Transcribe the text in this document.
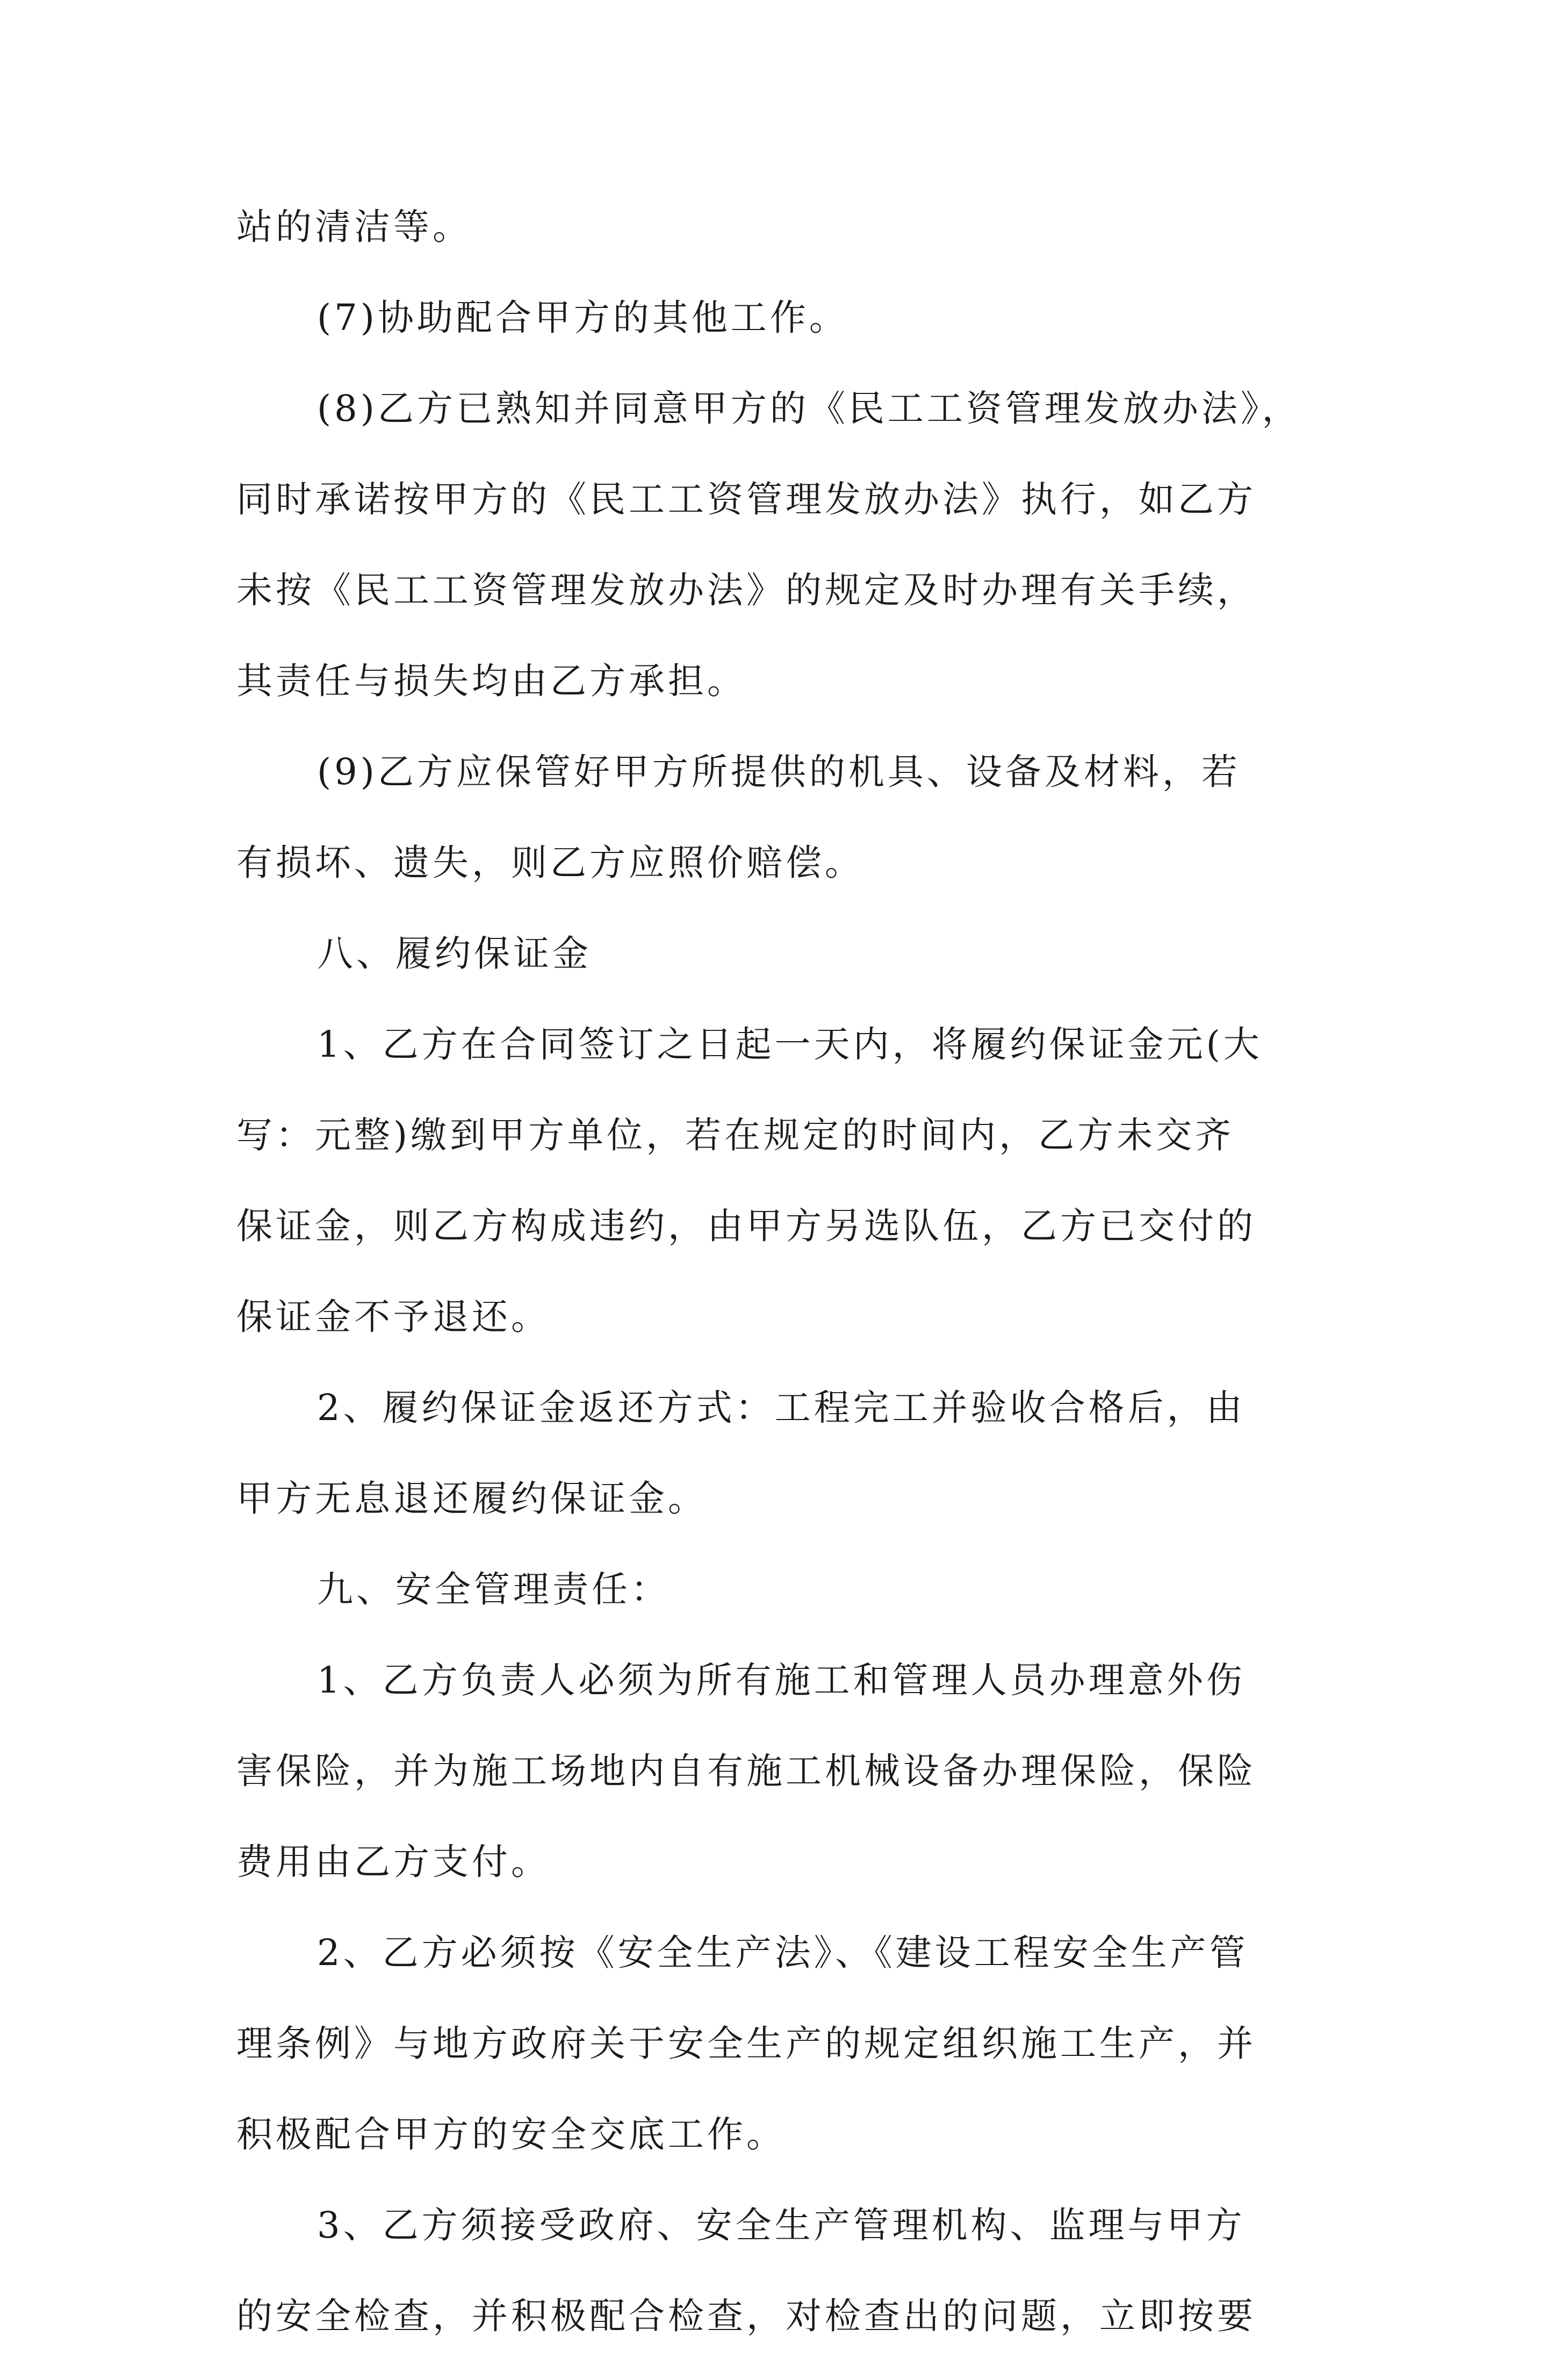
站的清洁等。
(7)协助配合甲方的其他工作。
(8)乙方已熟知并同意甲方的《民工工资管理发放办法》，
同时承诺按甲方的《民工工资管理发放办法》执行，如乙方
未按《民工工资管理发放办法》的规定及时办理有关手续，
其责任与损失均由乙方承担。
(9)乙方应保管好甲方所提供的机具、设备及材料，若
有损坏、遗失，则乙方应照价赔偿。
八、履约保证金
1、乙方在合同签订之日起一天内，将履约保证金元(大
写：元整)缴到甲方单位，若在规定的时间内，乙方未交齐
保证金，则乙方构成违约，由甲方另选队伍，乙方已交付的
保证金不予退还。
2、履约保证金返还方式：工程完工并验收合格后，由
甲方无息退还履约保证金。
九、安全管理责任：
1、乙方负责人必须为所有施工和管理人员办理意外伤
害保险，并为施工场地内自有施工机械设备办理保险，保险
费用由乙方支付。
2、乙方必须按《安全生产法》、《建设工程安全生产管
理条例》与地方政府关于安全生产的规定组织施工生产，并
积极配合甲方的安全交底工作。
3、乙方须接受政府、安全生产管理机构、监理与甲方
的安全检查，并积极配合检查，对检查出的问题，立即按要
